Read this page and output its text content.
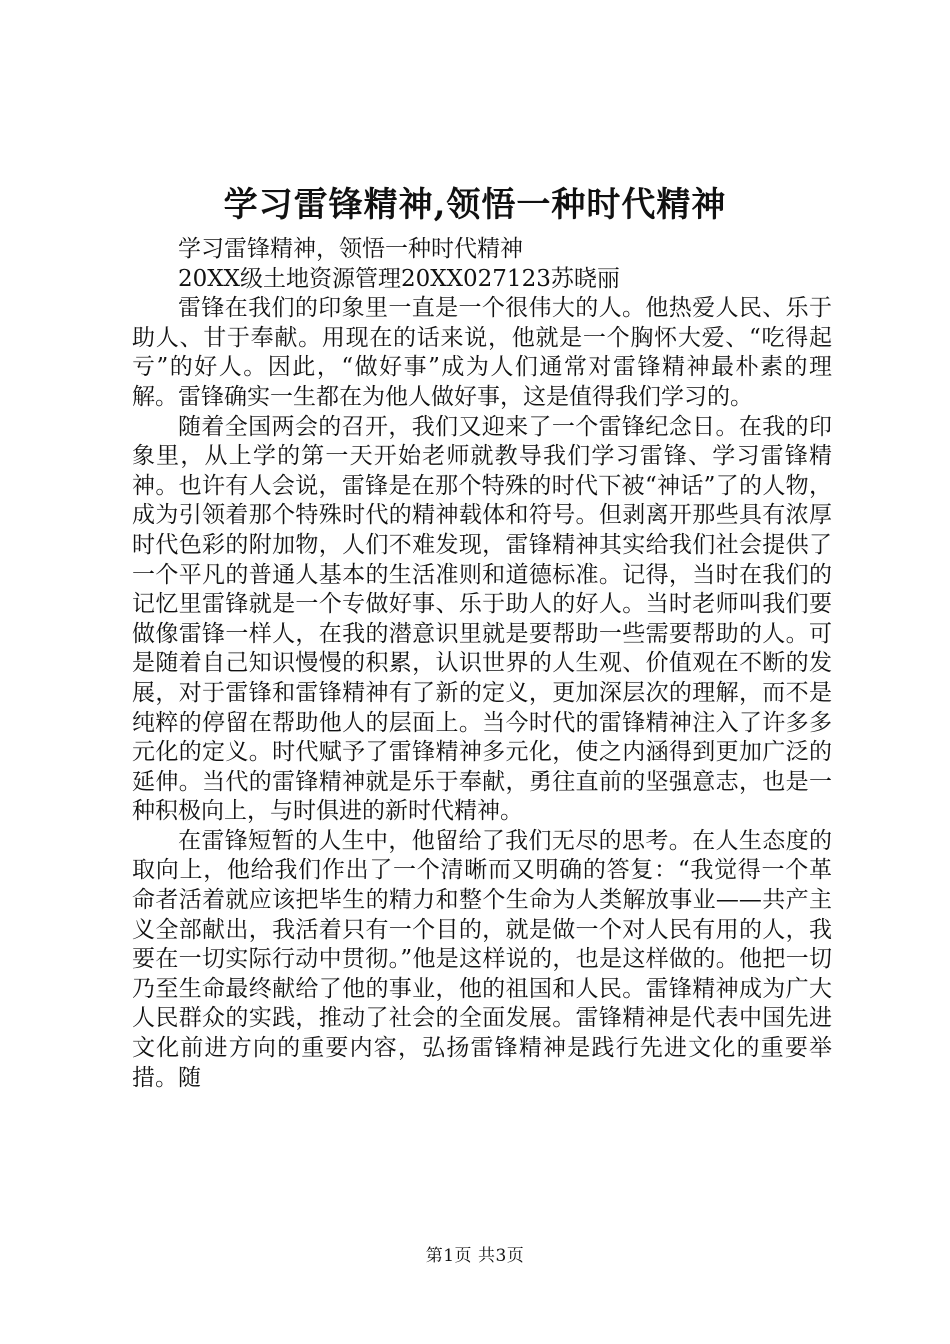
学习雷锋精神,领悟一种时代精神

学习雷锋精神，领悟一种时代精神

20XX级土地资源管理20XX027123苏晓丽

雷锋在我们的印象里一直是一个很伟大的人。他热爱人民、乐于助人、甘于奉献。用现在的话来说，他就是一个胸怀大爱、“吃得起亏”的好人。因此，“做好事”成为人们通常对雷锋精神最朴素的理解。雷锋确实一生都在为他人做好事，这是值得我们学习的。

随着全国两会的召开，我们又迎来了一个雷锋纪念日。在我的印象里，从上学的第一天开始老师就教导我们学习雷锋、学习雷锋精神。也许有人会说，雷锋是在那个特殊的时代下被“神话”了的人物，成为引领着那个特殊时代的精神载体和符号。但剥离开那些具有浓厚时代色彩的附加物，人们不难发现，雷锋精神其实给我们社会提供了一个平凡的普通人基本的生活准则和道德标准。记得，当时在我们的记忆里雷锋就是一个专做好事、乐于助人的好人。当时老师叫我们要做像雷锋一样人，在我的潜意识里就是要帮助一些需要帮助的人。可是随着自己知识慢慢的积累，认识世界的人生观、价值观在不断的发展，对于雷锋和雷锋精神有了新的定义，更加深层次的理解，而不是纯粹的停留在帮助他人的层面上。当今时代的雷锋精神注入了许多多元化的定义。时代赋予了雷锋精神多元化，使之内涵得到更加广泛的延伸。当代的雷锋精神就是乐于奉献，勇往直前的坚强意志，也是一种积极向上，与时俱进的新时代精神。

在雷锋短暂的人生中，他留给了我们无尽的思考。在人生态度的取向上，他给我们作出了一个清晰而又明确的答复：“我觉得一个革命者活着就应该把毕生的精力和整个生命为人类解放事业——共产主义全部献出，我活着只有一个目的，就是做一个对人民有用的人，我要在一切实际行动中贯彻。”他是这样说的，也是这样做的。他把一切乃至生命最终献给了他的事业，他的祖国和人民。雷锋精神成为广大人民群众的实践，推动了社会的全面发展。雷锋精神是代表中国先进文化前进方向的重要内容，弘扬雷锋精神是践行先进文化的重要举措。随

第1页 共3页
